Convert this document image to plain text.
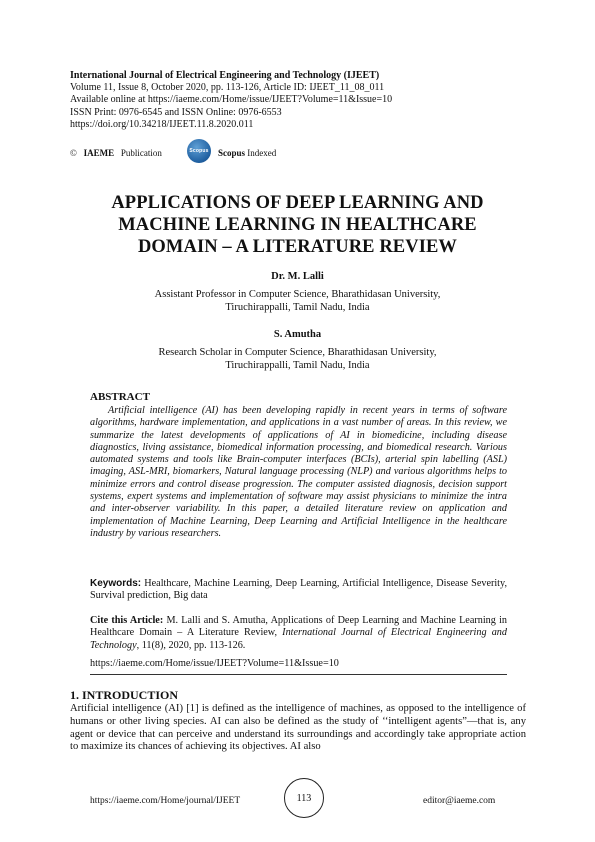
International Journal of Electrical Engineering and Technology (IJEET)
Volume 11, Issue 8, October 2020, pp. 113-126, Article ID: IJEET_11_08_011
Available online at https://iaeme.com/Home/issue/IJEET?Volume=11&Issue=10
ISSN Print: 0976-6545 and ISSN Online: 0976-6553
https://doi.org/10.34218/IJEET.11.8.2020.011
© IAEME Publication	Scopus Scopus Indexed
APPLICATIONS OF DEEP LEARNING AND
MACHINE LEARNING IN HEALTHCARE
DOMAIN – A LITERATURE REVIEW
Dr. M. Lalli
Assistant Professor in Computer Science, Bharathidasan University,
Tiruchirappalli, Tamil Nadu, India
S. Amutha
Research Scholar in Computer Science, Bharathidasan University,
Tiruchirappalli, Tamil Nadu, India
ABSTRACT
Artificial intelligence (AI) has been developing rapidly in recent years in terms of software algorithms, hardware implementation, and applications in a vast number of areas. In this review, we summarize the latest developments of applications of AI in biomedicine, including disease diagnostics, living assistance, biomedical information processing, and biomedical research. Various automated systems and tools like Brain-computer interfaces (BCIs), arterial spin labelling (ASL) imaging, ASL-MRI, biomarkers, Natural language processing (NLP) and various algorithms helps to minimize errors and control disease progression. The computer assisted diagnosis, decision support systems, expert systems and implementation of software may assist physicians to minimize the intra and inter-observer variability. In this paper, a detailed literature review on application and implementation of Machine Learning, Deep Learning and Artificial Intelligence in the healthcare industry by various researchers.
Keywords: Healthcare, Machine Learning, Deep Learning, Artificial Intelligence, Disease Severity, Survival prediction, Big data
Cite this Article: M. Lalli and S. Amutha, Applications of Deep Learning and Machine Learning in Healthcare Domain – A Literature Review, International Journal of Electrical Engineering and Technology, 11(8), 2020, pp. 113-126.
https://iaeme.com/Home/issue/IJEET?Volume=11&Issue=10
1. INTRODUCTION
Artificial intelligence (AI) [1] is defined as the intelligence of machines, as opposed to the intelligence of humans or other living species. AI can also be defined as the study of ‘‘intelligent agents”—that is, any agent or device that can perceive and understand its surroundings and accordingly take appropriate action to maximize its chances of achieving its objectives. AI also
https://iaeme.com/Home/journal/IJEET	113	editor@iaeme.com
